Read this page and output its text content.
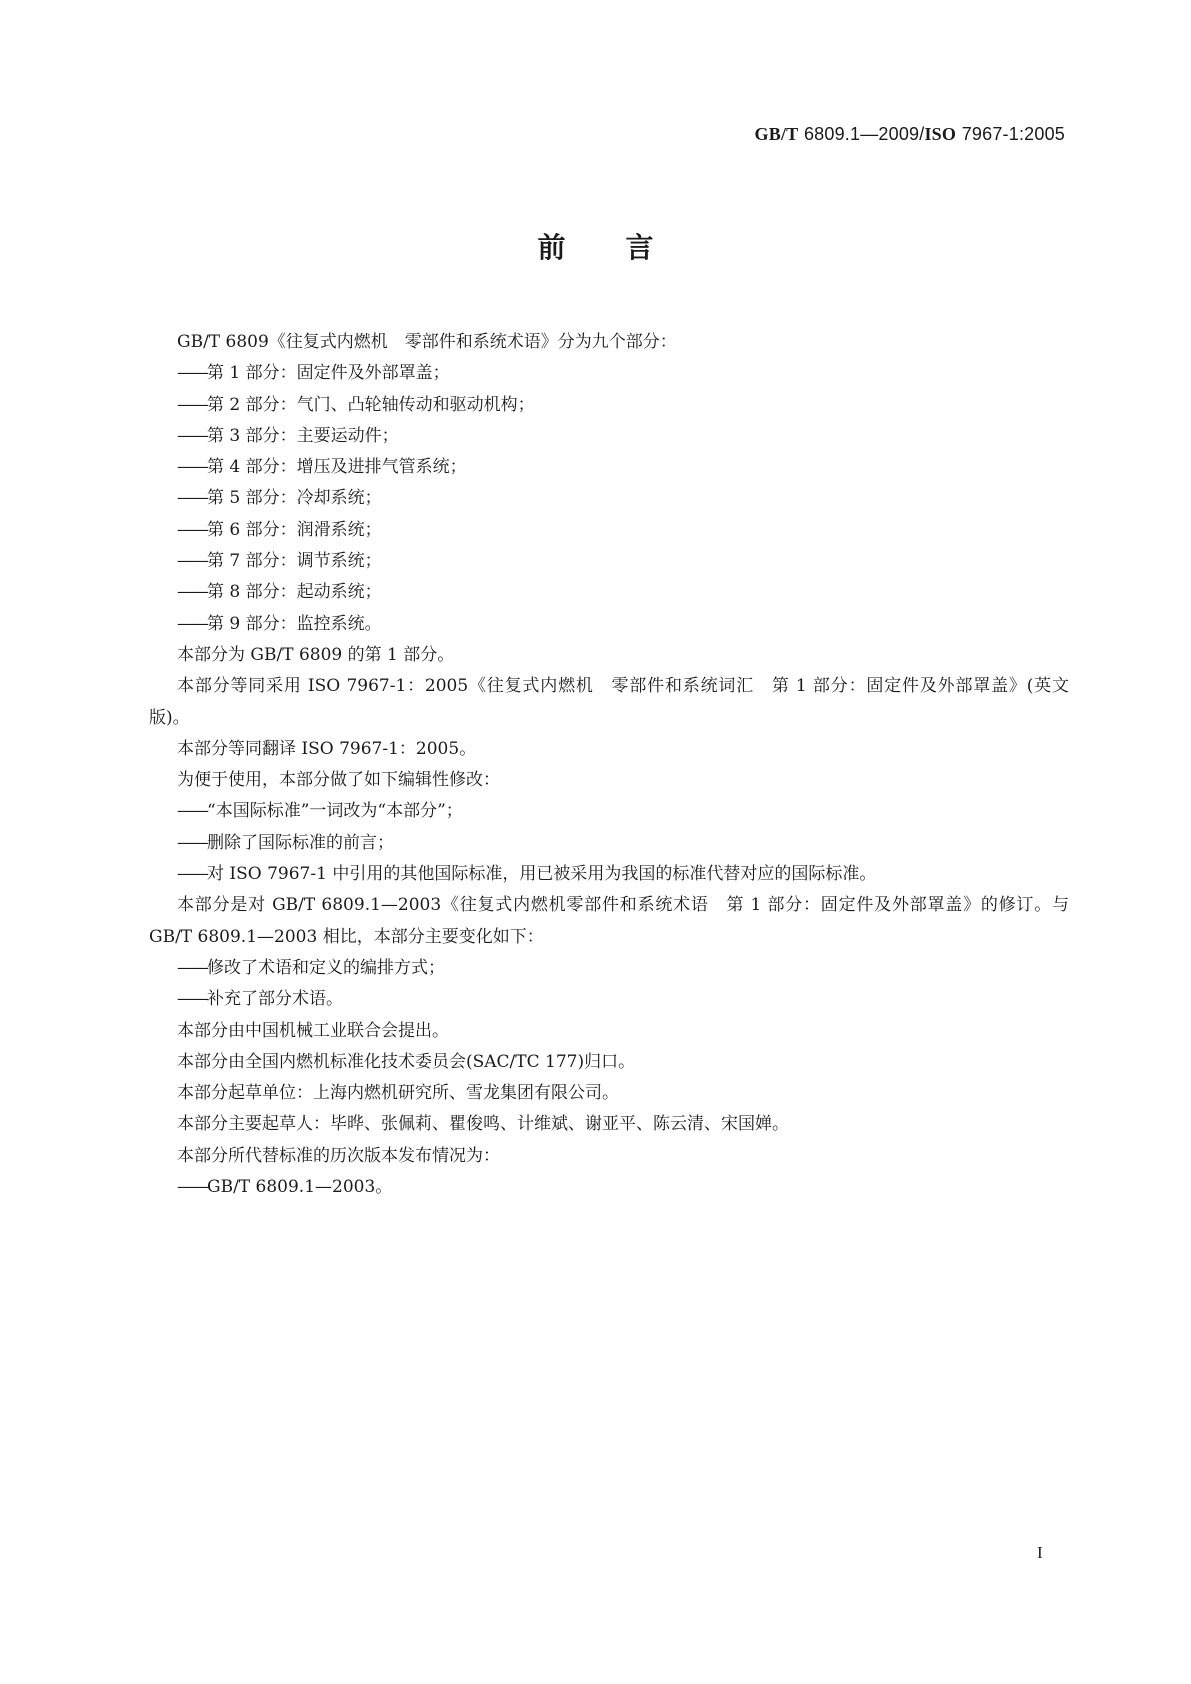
GB/T 6809.1—2009/ISO 7967-1:2005
前言

GB/T 6809《往复式内燃机　零部件和系统术语》分为九个部分：

——第 1 部分：固定件及外部罩盖；

——第 2 部分：气门、凸轮轴传动和驱动机构；

——第 3 部分：主要运动件；

——第 4 部分：增压及进排气管系统；

——第 5 部分：冷却系统；

——第 6 部分：润滑系统；

——第 7 部分：调节系统；

——第 8 部分：起动系统；

——第 9 部分：监控系统。

本部分为 GB/T 6809 的第 1 部分。

本部分等同采用 ISO 7967-1：2005《往复式内燃机　零部件和系统词汇　第 1 部分：固定件及外部罩盖》(英文版)。

本部分等同翻译 ISO 7967-1：2005。

为便于使用，本部分做了如下编辑性修改：

——“本国际标准”一词改为“本部分”；

——删除了国际标准的前言；

——对 ISO 7967-1 中引用的其他国际标准，用已被采用为我国的标准代替对应的国际标准。

本部分是对 GB/T 6809.1—2003《往复式内燃机零部件和系统术语　第 1 部分：固定件及外部罩盖》的修订。与 GB/T 6809.1—2003 相比，本部分主要变化如下：

——修改了术语和定义的编排方式；

——补充了部分术语。

本部分由中国机械工业联合会提出。

本部分由全国内燃机标准化技术委员会(SAC/TC 177)归口。

本部分起草单位：上海内燃机研究所、雪龙集团有限公司。

本部分主要起草人：毕晔、张佩莉、瞿俊鸣、计维斌、谢亚平、陈云清、宋国婵。

本部分所代替标准的历次版本发布情况为：

——GB/T 6809.1—2003。

I
